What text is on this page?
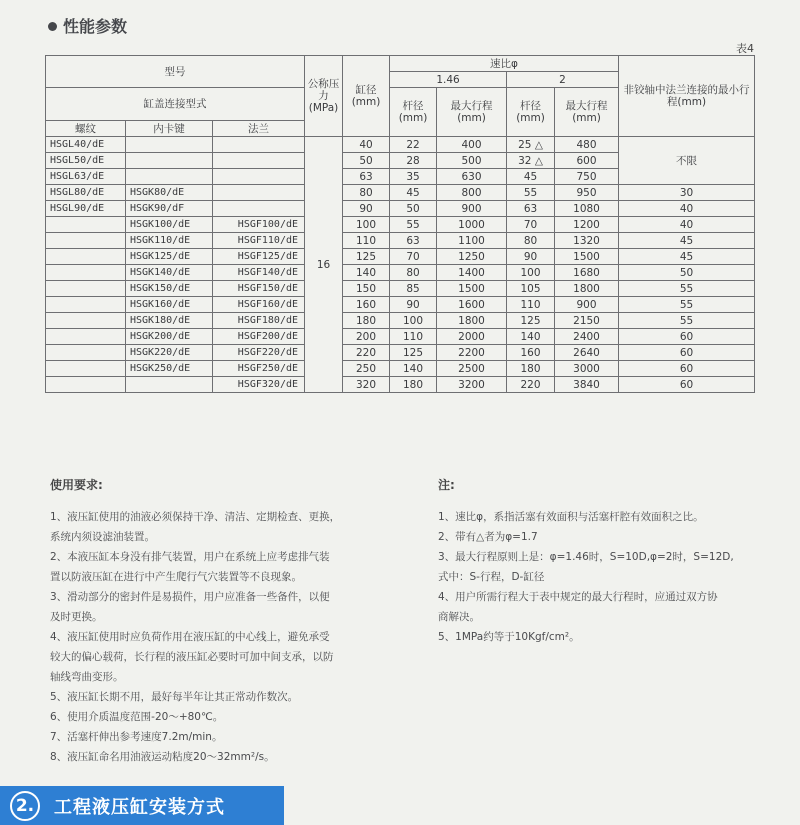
性能参数
表4
型号			公称压力(MPa)	缸径(mm)	速比φ				非铰轴中法兰连接的最小行程(mm)
					1.46		2		
缸盖连接型式					杆径(mm)	最大行程(mm)	杆径(mm)	最大行程(mm)	
螺纹	内卡键	法兰							
HSGL40/dE			16	40	22	400	25 △	480	不限
HSGL50/dE				50	28	500	32 △	600	
HSGL63/dE				63	35	630	45	750	
HSGL80/dE	HSGK80/dE			80	45	800	55	950	30
HSGL90/dE	HSGK90/dF			90	50	900	63	1080	40
	HSGK100/dE	HSGF100/dE		100	55	1000	70	1200	40
	HSGK110/dE	HSGF110/dE		110	63	1100	80	1320	45
	HSGK125/dE	HSGF125/dE		125	70	1250	90	1500	45
	HSGK140/dE	HSGF140/dE		140	80	1400	100	1680	50
	HSGK150/dE	HSGF150/dE		150	85	1500	105	1800	55
	HSGK160/dE	HSGF160/dE		160	90	1600	110	900	55
	HSGK180/dE	HSGF180/dE		180	100	1800	125	2150	55
	HSGK200/dE	HSGF200/dE		200	110	2000	140	2400	60
	HSGK220/dE	HSGF220/dE		220	125	2200	160	2640	60
	HSGK250/dE	HSGF250/dE		250	140	2500	180	3000	60
		HSGF320/dE		320	180	3200	220	3840	60
使用要求:
1、液压缸使用的油液必须保持干净、清洁、定期检查、更换，
系统内须设滤油装置。
2、本液压缸本身没有排气装置，用户在系统上应考虑排气装
置以防液压缸在进行中产生爬行气穴装置等不良现象。
3、滑动部分的密封件是易损件，用户应准备一些备件，以便
及时更换。
4、液压缸使用时应负荷作用在液压缸的中心线上，避免承受
较大的偏心载荷，长行程的液压缸必要时可加中间支承，以防
轴线弯曲变形。
5、液压缸长期不用，最好每半年让其正常动作数次。
6、使用介质温度范围-20～+80℃。
7、活塞杆伸出参考速度7.2m/min。
8、液压缸命名用油液运动粘度20～32mm²/s。
注:
1、速比φ，系指活塞有效面积与活塞杆腔有效面积之比。
2、带有△者为φ=1.7
3、最大行程原则上是：φ=1.46时，S=10D,φ=2时，S=12D,
式中：S-行程，D-缸径
4、用户所需行程大于表中规定的最大行程时，应通过双方协
商解决。
5、1MPa约等于10Kgf/cm²。
2.	工程液压缸安装方式
